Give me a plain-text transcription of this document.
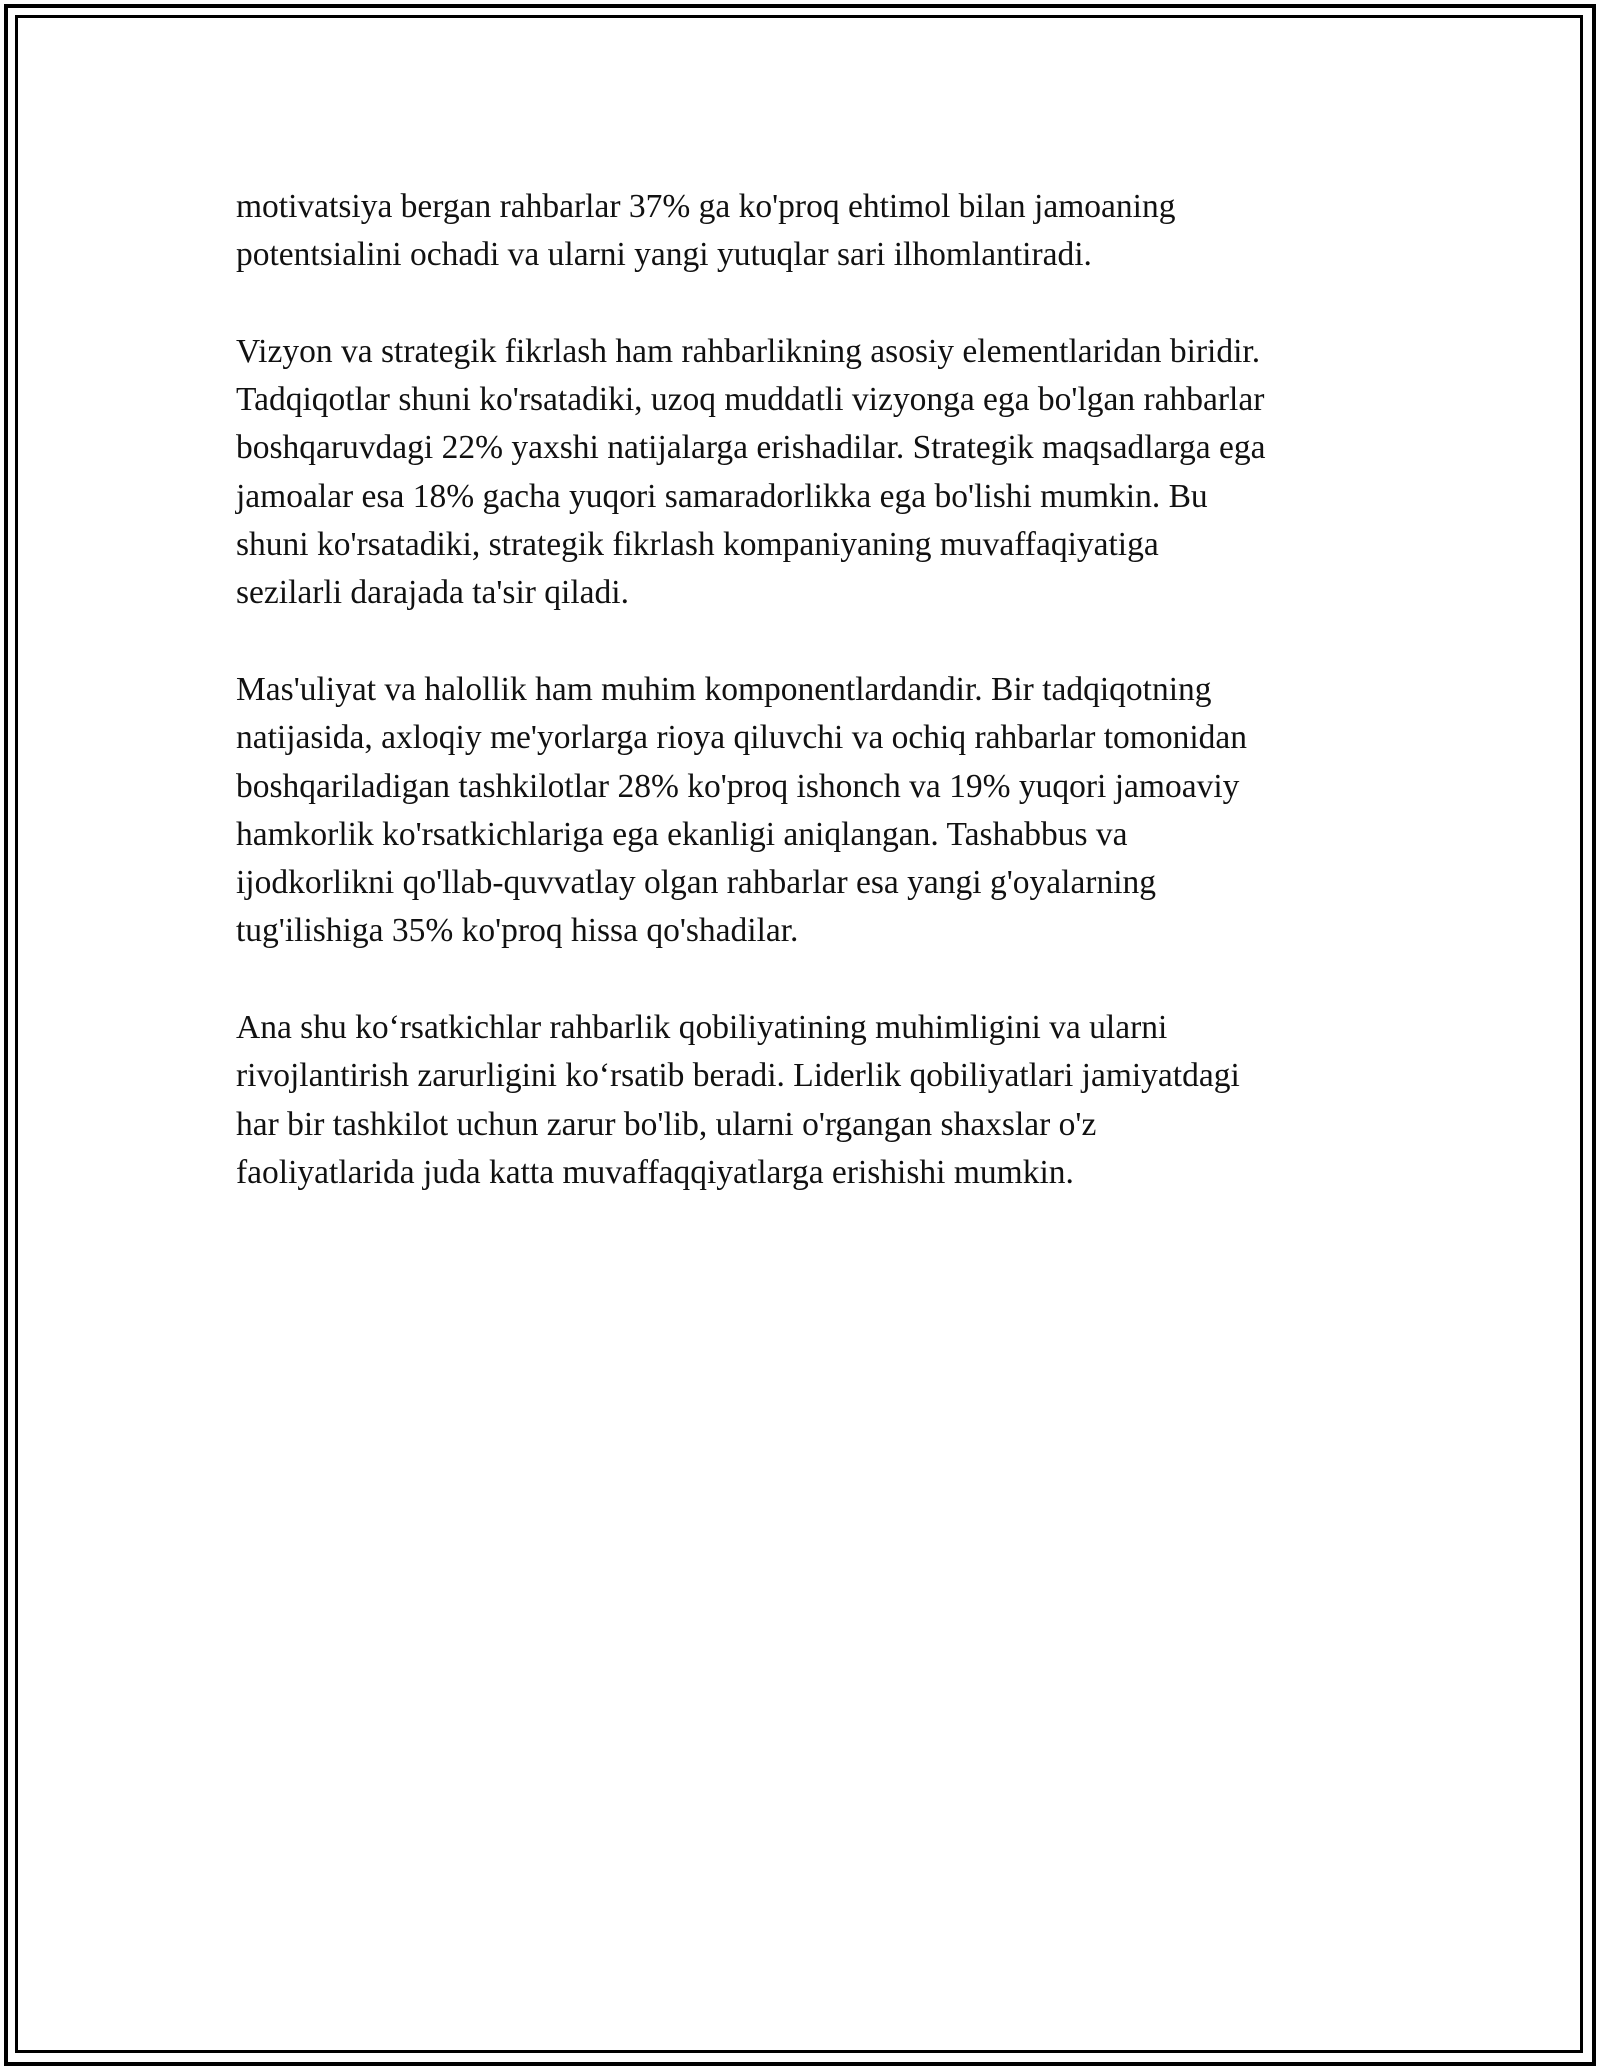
motivatsiya bergan rahbarlar 37% ga ko'proq ehtimol bilan jamoaning
potentsialini ochadi va ularni yangi yutuqlar sari ilhomlantiradi.

Vizyon va strategik fikrlash ham rahbarlikning asosiy elementlaridan biridir.
Tadqiqotlar shuni ko'rsatadiki, uzoq muddatli vizyonga ega bo'lgan rahbarlar
boshqaruvdagi 22% yaxshi natijalarga erishadilar. Strategik maqsadlarga ega
jamoalar esa 18% gacha yuqori samaradorlikka ega bo'lishi mumkin. Bu
shuni ko'rsatadiki, strategik fikrlash kompaniyaning muvaffaqiyatiga
sezilarli darajada ta'sir qiladi.

Mas'uliyat va halollik ham muhim komponentlardandir. Bir tadqiqotning
natijasida, axloqiy me'yorlarga rioya qiluvchi va ochiq rahbarlar tomonidan
boshqariladigan tashkilotlar 28% ko'proq ishonch va 19% yuqori jamoaviy
hamkorlik ko'rsatkichlariga ega ekanligi aniqlangan. Tashabbus va
ijodkorlikni qo'llab-quvvatlay olgan rahbarlar esa yangi g'oyalarning
tug'ilishiga 35% ko'proq hissa qo'shadilar.

Ana shu ko‘rsatkichlar rahbarlik qobiliyatining muhimligini va ularni
rivojlantirish zarurligini ko‘rsatib beradi. Liderlik qobiliyatlari jamiyatdagi
har bir tashkilot uchun zarur bo'lib, ularni o'rgangan shaxslar o'z
faoliyatlarida juda katta muvaffaqqiyatlarga erishishi mumkin.
